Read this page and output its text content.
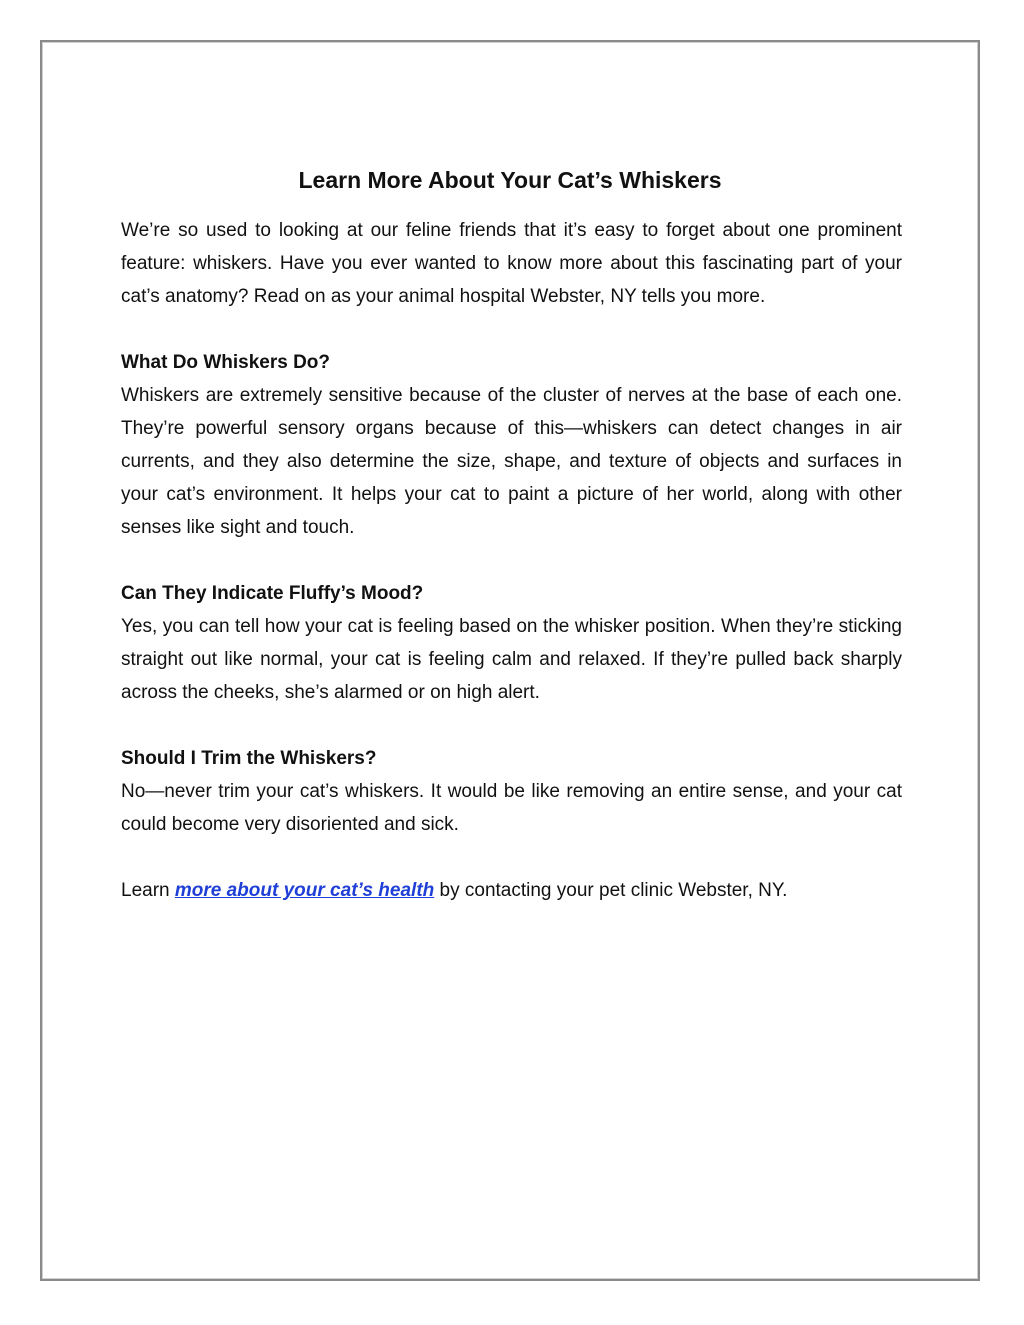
Learn More About Your Cat’s Whiskers

We’re so used to looking at our feline friends that it’s easy to forget about one prominent feature: whiskers. Have you ever wanted to know more about this fascinating part of your cat’s anatomy? Read on as your animal hospital Webster, NY tells you more.

What Do Whiskers Do?

Whiskers are extremely sensitive because of the cluster of nerves at the base of each one. They’re powerful sensory organs because of this—whiskers can detect changes in air currents, and they also determine the size, shape, and texture of objects and surfaces in your cat’s environment. It helps your cat to paint a picture of her world, along with other senses like sight and touch.

Can They Indicate Fluffy’s Mood?

Yes, you can tell how your cat is feeling based on the whisker position. When they’re sticking straight out like normal, your cat is feeling calm and relaxed. If they’re pulled back sharply across the cheeks, she’s alarmed or on high alert.

Should I Trim the Whiskers?

No—never trim your cat’s whiskers. It would be like removing an entire sense, and your cat could become very disoriented and sick.

Learn more about your cat’s health by contacting your pet clinic Webster, NY.
